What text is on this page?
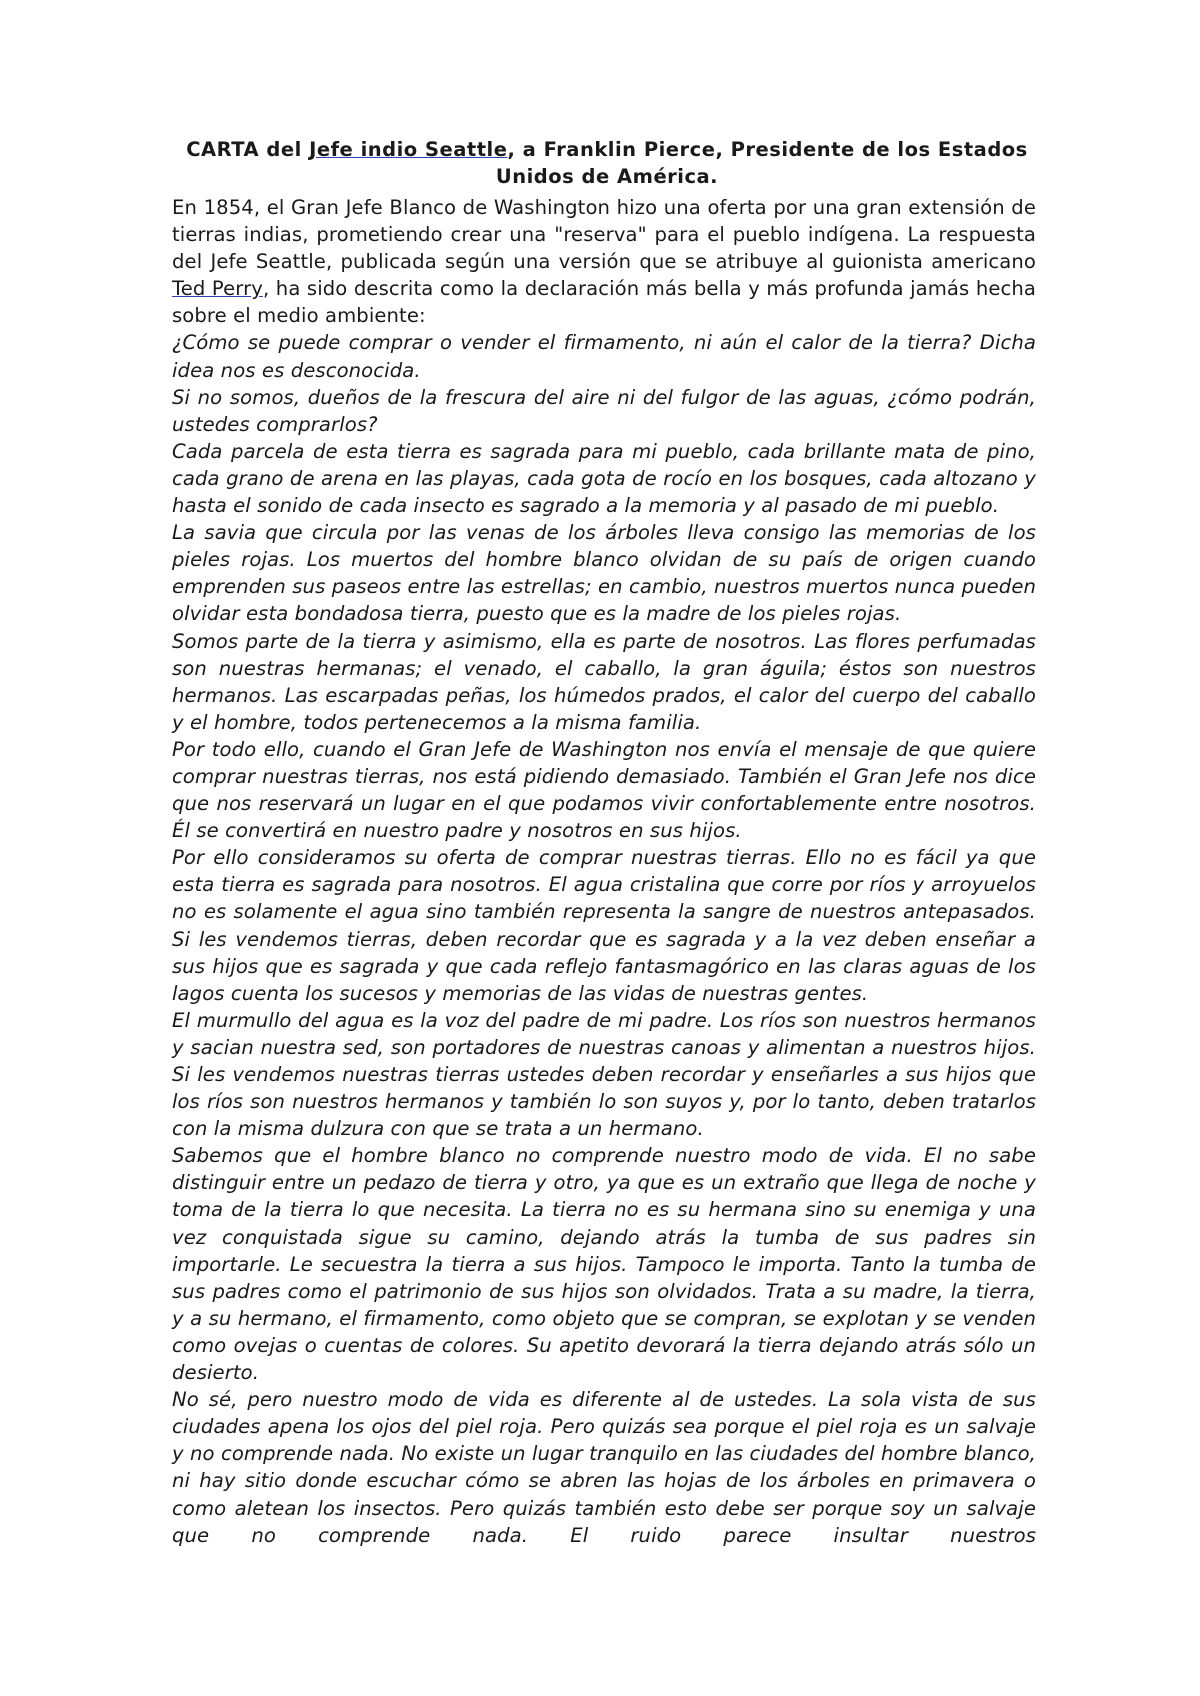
CARTA del Jefe indio Seattle, a Franklin Pierce, Presidente de los Estados Unidos de América.

En 1854, el Gran Jefe Blanco de Washington hizo una oferta por una gran extensión de tierras indias, prometiendo crear una "reserva" para el pueblo indígena. La respuesta del Jefe Seattle, publicada según una versión que se atribuye al guionista americano Ted Perry, ha sido descrita como la declaración más bella y más profunda jamás hecha sobre el medio ambiente:

¿Cómo se puede comprar o vender el firmamento, ni aún el calor de la tierra? Dicha idea nos es desconocida.

Si no somos, dueños de la frescura del aire ni del fulgor de las aguas, ¿cómo podrán, ustedes comprarlos?

Cada parcela de esta tierra es sagrada para mi pueblo, cada brillante mata de pino, cada grano de arena en las playas, cada gota de rocío en los bosques, cada altozano y hasta el sonido de cada insecto es sagrado a la memoria y al pasado de mi pueblo.

La savia que circula por las venas de los árboles lleva consigo las memorias de los pieles rojas. Los muertos del hombre blanco olvidan de su país de origen cuando emprenden sus paseos entre las estrellas; en cambio, nuestros muertos nunca pueden olvidar esta bondadosa tierra, puesto que es la madre de los pieles rojas.

Somos parte de la tierra y asimismo, ella es parte de nosotros. Las flores perfumadas son nuestras hermanas; el venado, el caballo, la gran águila; éstos son nuestros hermanos. Las escarpadas peñas, los húmedos prados, el calor del cuerpo del caballo y el hombre, todos pertenecemos a la misma familia.

Por todo ello, cuando el Gran Jefe de Washington nos envía el mensaje de que quiere comprar nuestras tierras, nos está pidiendo demasiado. También el Gran Jefe nos dice que nos reservará un lugar en el que podamos vivir confortablemente entre nosotros. Él se convertirá en nuestro padre y nosotros en sus hijos.

Por ello consideramos su oferta de comprar nuestras tierras. Ello no es fácil ya que esta tierra es sagrada para nosotros. El agua cristalina que corre por ríos y arroyuelos no es solamente el agua sino también representa la sangre de nuestros antepasados. Si les vendemos tierras, deben recordar que es sagrada y a la vez deben enseñar a sus hijos que es sagrada y que cada reflejo fantasmagórico en las claras aguas de los lagos cuenta los sucesos y memorias de las vidas de nuestras gentes.

El murmullo del agua es la voz del padre de mi padre. Los ríos son nuestros hermanos y sacian nuestra sed, son portadores de nuestras canoas y alimentan a nuestros hijos. Si les vendemos nuestras tierras ustedes deben recordar y enseñarles a sus hijos que los ríos son nuestros hermanos y también lo son suyos y, por lo tanto, deben tratarlos con la misma dulzura con que se trata a un hermano.

Sabemos que el hombre blanco no comprende nuestro modo de vida. El no sabe distinguir entre un pedazo de tierra y otro, ya que es un extraño que llega de noche y toma de la tierra lo que necesita. La tierra no es su hermana sino su enemiga y una vez conquistada sigue su camino, dejando atrás la tumba de sus padres sin importarle. Le secuestra la tierra a sus hijos. Tampoco le importa. Tanto la tumba de sus padres como el patrimonio de sus hijos son olvidados. Trata a su madre, la tierra, y a su hermano, el firmamento, como objeto que se compran, se explotan y se venden como ovejas o cuentas de colores. Su apetito devorará la tierra dejando atrás sólo un desierto.

No sé, pero nuestro modo de vida es diferente al de ustedes. La sola vista de sus ciudades apena los ojos del piel roja. Pero quizás sea porque el piel roja es un salvaje y no comprende nada. No existe un lugar tranquilo en las ciudades del hombre blanco, ni hay sitio donde escuchar cómo se abren las hojas de los árboles en primavera o como aletean los insectos. Pero quizás también esto debe ser porque soy un salvaje que no comprende nada. El ruido parece insultar nuestros
